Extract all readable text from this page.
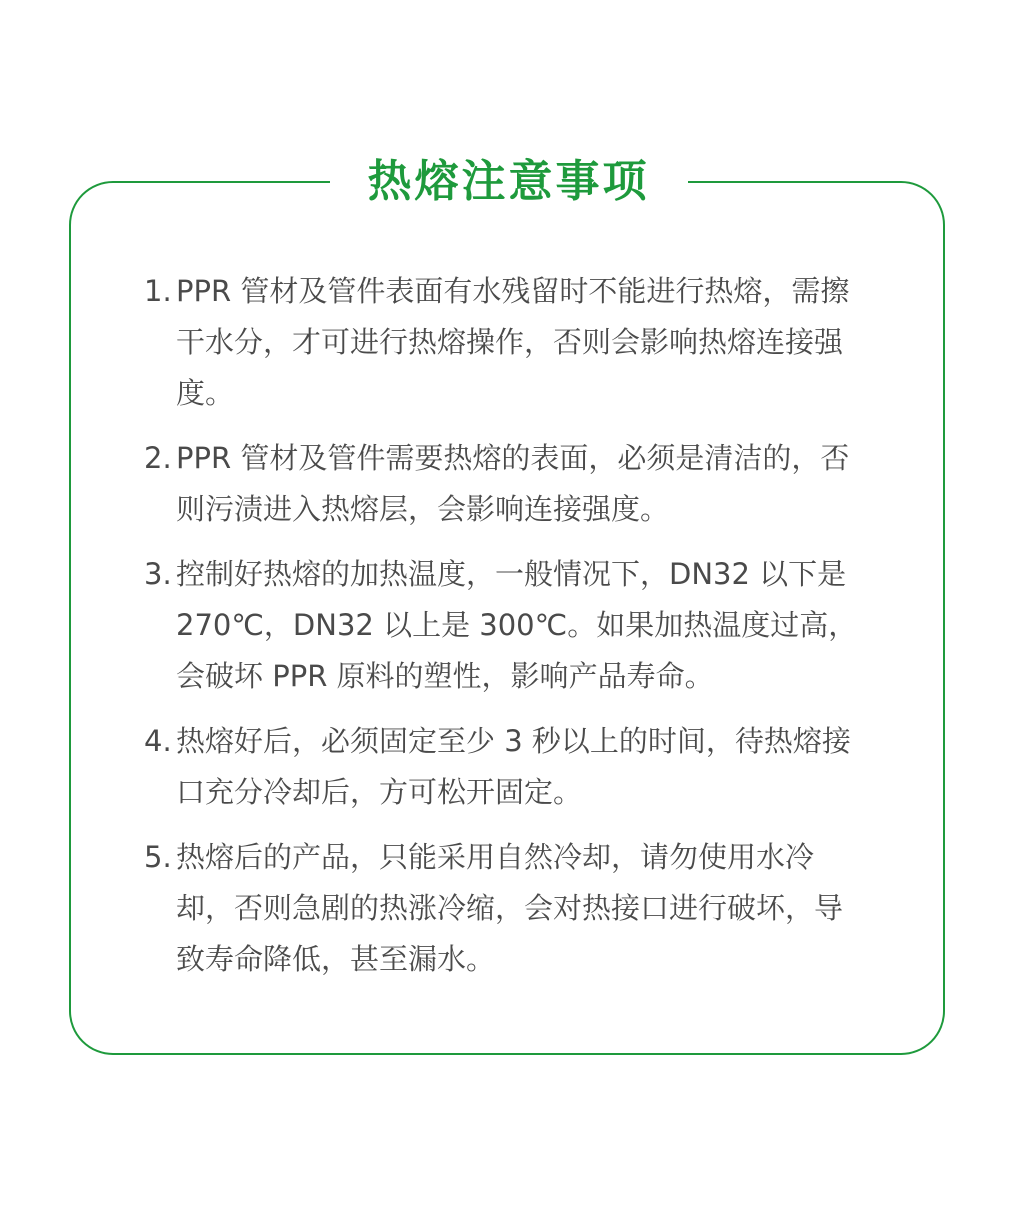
热熔注意事项
1. PPR 管材及管件表面有水残留时不能进行热熔，需擦干水分，才可进行热熔操作，否则会影响热熔连接强度。
2. PPR 管材及管件需要热熔的表面，必须是清洁的，否则污渍进入热熔层，会影响连接强度。
3. 控制好热熔的加热温度，一般情况下，DN32 以下是 270℃，DN32 以上是 300℃。如果加热温度过高，会破坏 PPR 原料的塑性，影响产品寿命。
4. 热熔好后，必须固定至少 3 秒以上的时间，待热熔接口充分冷却后，方可松开固定。
5. 热熔后的产品，只能采用自然冷却，请勿使用水冷却，否则急剧的热涨冷缩，会对热接口进行破坏，导致寿命降低，甚至漏水。
